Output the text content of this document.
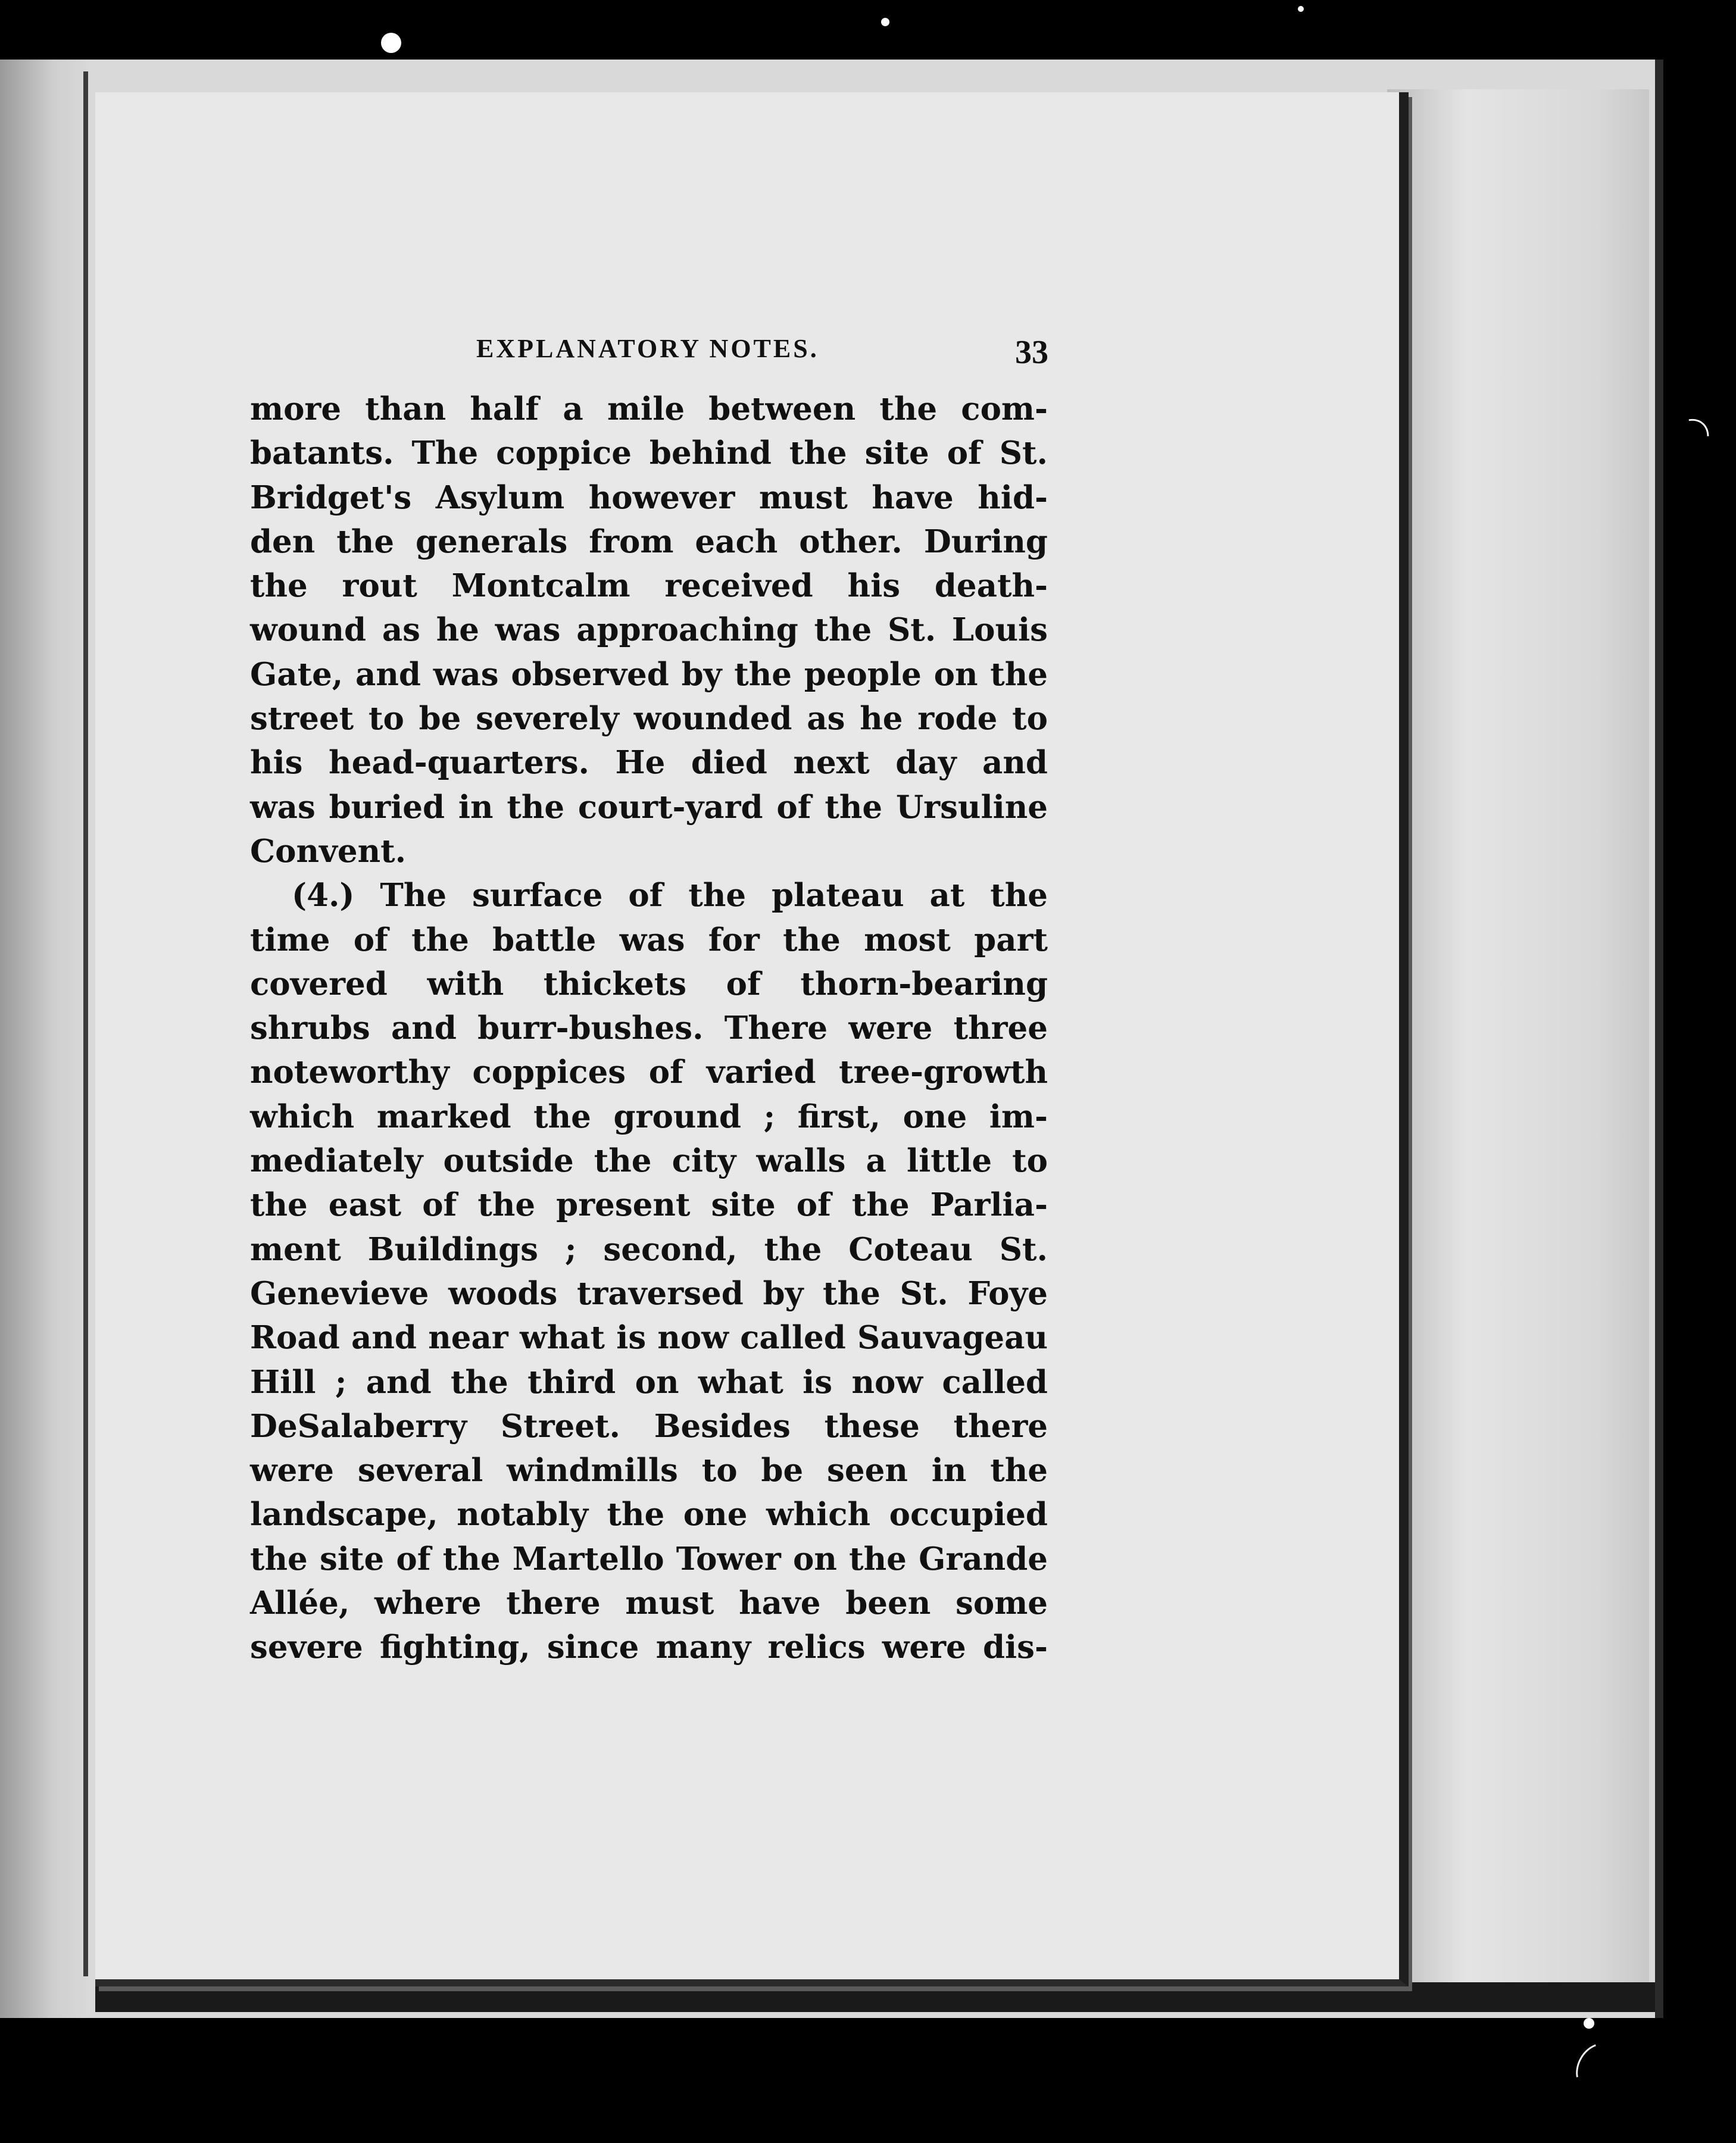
EXPLANATORY NOTES.	33
more than half a mile between the com-
batants. The coppice behind the site of St.
Bridget's Asylum however must have hid-
den the generals from each other. During
the rout Montcalm received his death-
wound as he was approaching the St. Louis
Gate, and was observed by the people on the
street to be severely wounded as he rode to
his head-quarters. He died next day and
was buried in the court-yard of the Ursuline
Convent.
(4.) The surface of the plateau at the
time of the battle was for the most part
covered with thickets of thorn-bearing
shrubs and burr-bushes. There were three
noteworthy coppices of varied tree-growth
which marked the ground ; first, one im-
mediately outside the city walls a little to
the east of the present site of the Parlia-
ment Buildings ; second, the Coteau St.
Genevieve woods traversed by the St. Foye
Road and near what is now called Sauvageau
Hill ; and the third on what is now called
DeSalaberry Street. Besides these there
were several windmills to be seen in the
landscape, notably the one which occupied
the site of the Martello Tower on the Grande
Allée, where there must have been some
severe fighting, since many relics were dis-
